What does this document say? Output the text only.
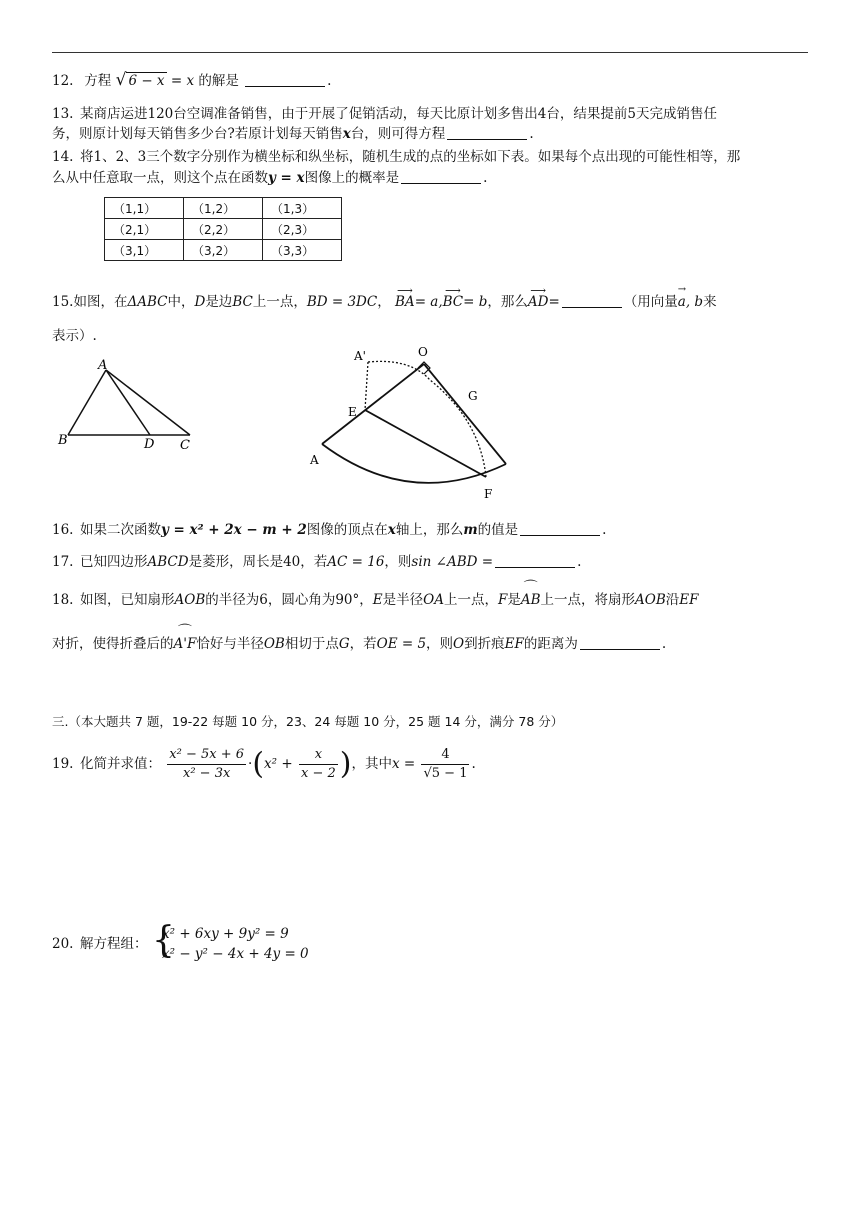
12. 方程 √ 6 − x = x 的解是	.
13. 某商店运进120台空调准备销售，由于开展了促销活动，每天比原计划多售出4台，结果提前5天完成销售任
务，则原计划每天销售多少台?若原计划每天销售x台，则可得方程	.
14. 将1、2、3三个数字分别作为横坐标和纵坐标，随机生成的点的坐标如下表。如果每个点出现的可能性相等，那
么从中任意取一点，则这个点在函数y = x图像上的概率是	.
（1,1）	（1,2）	（1,3）
（2,1）	（2,2）	（2,3）
（3,1）	（3,2）	（3,3）
15.如图，在ΔABC中，D是边BC上一点，BD = 3DC， ⟶ BA= a,⟶ BC= b，那么⟶ AD=	（用向量→ a, b来
表示）.
A
B	D C
A'	O
G
E
A
F
16. 如果二次函数y = x² + 2x − m + 2图像的顶点在x轴上，那么m的值是	.
17. 已知四边形ABCD是菱形，周长是40，若AC = 16，则sin ∠ABD =	.
18. 如图，已知扇形AOB的半径为6，圆心角为90°，E是半径OA上一点，F是⌒ AB上一点，将扇形AOB沿EF
对折，使得折叠后的⌒ A'F恰好与半径OB相切于点G，若OE = 5，则O到折痕EF的距离为	.
三.（本大题共 7 题，19-22 每题 10 分，23、24 每题 10 分，25 题 14 分，满分 78 分）
19. 化简并求值： $\frac{\text{x² − 5x + 6}}{\text{x² − 3x}} \cdot(x^2 + \frac{x}{x - 2}$ )，其中$x = \frac{4}{√5 - 1}$ .
20. 解方程组： {
x² + 6xy + 9y² = 9
x² − y² − 4x + 4y = 0
